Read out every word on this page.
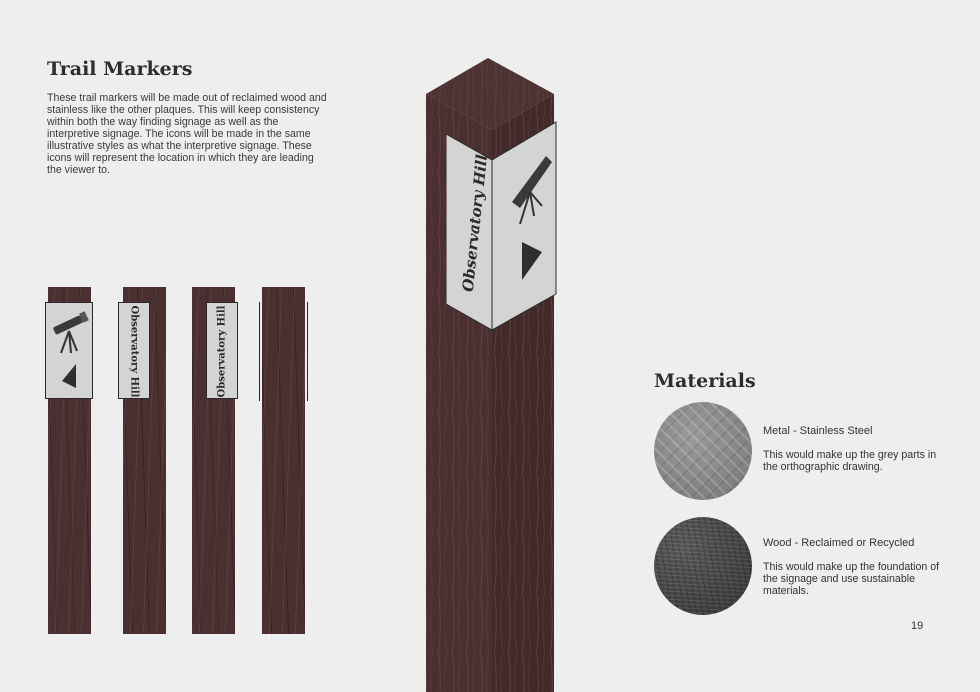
Trail Markers
These trail markers will be made out of reclaimed wood and stainless like the other plaques. This will keep consistency within both the way finding signage as well as the interpretive signage. The icons will be made in the same illustrative styles as what the interpretive signage. These icons will represent the location in which they are leading the viewer to.
Observatory Hill	Observatory Hill
Observatory Hill
Materials
Metal - Stainless Steel
This would make up the grey parts in the orthographic drawing.
Wood - Reclaimed or Recycled
This would make up the foundation of the signage and use sustainable materials.
19
